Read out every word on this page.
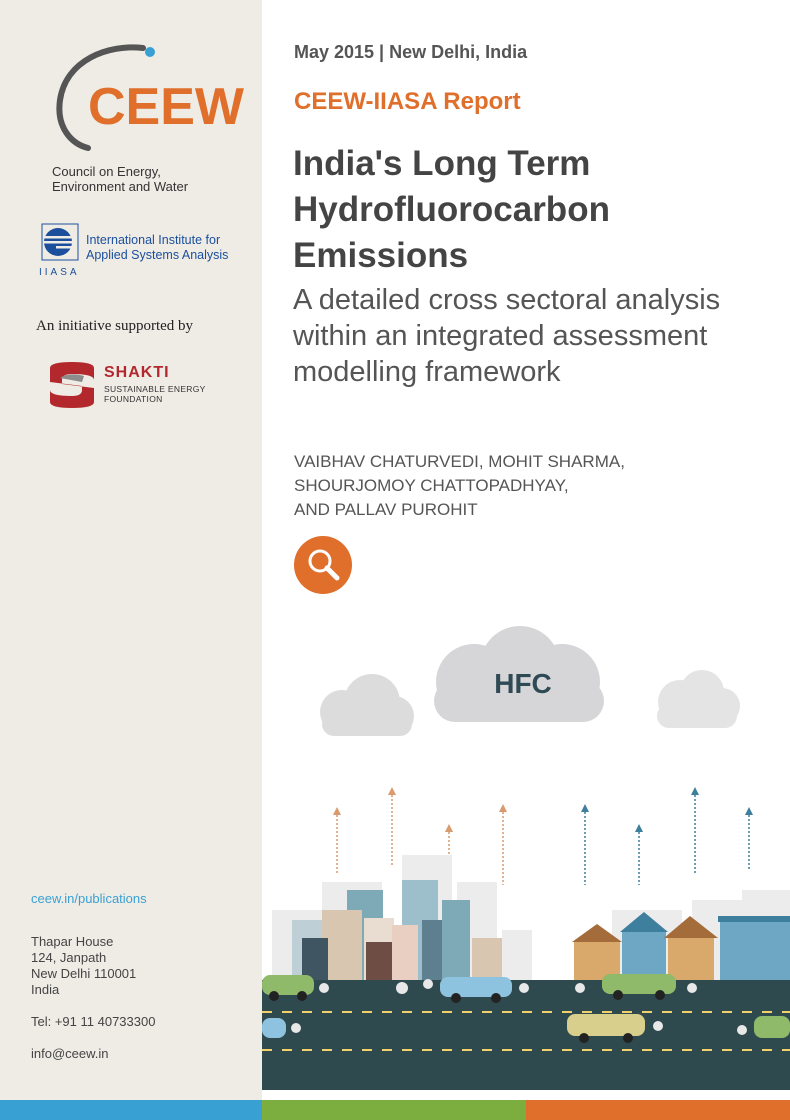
CEEW
Council on Energy,
Environment and Water
IIASA
International Institute for
Applied Systems Analysis
An initiative supported by
SHAKTI
SUSTAINABLE ENERGY
FOUNDATION
ceew.in/publications
Thapar House
124, Janpath
New Delhi 110001
India
Tel: +91 11 40733300
info@ceew.in
May 2015 | New Delhi, India
CEEW-IIASA Report
India's Long Term Hydrofluorocarbon Emissions
A detailed cross sectoral analysis within an integrated assessment modelling framework
VAIBHAV CHATURVEDI, MOHIT SHARMA,
SHOURJOMOY CHATTOPADHYAY,
AND PALLAV PUROHIT
HFC
